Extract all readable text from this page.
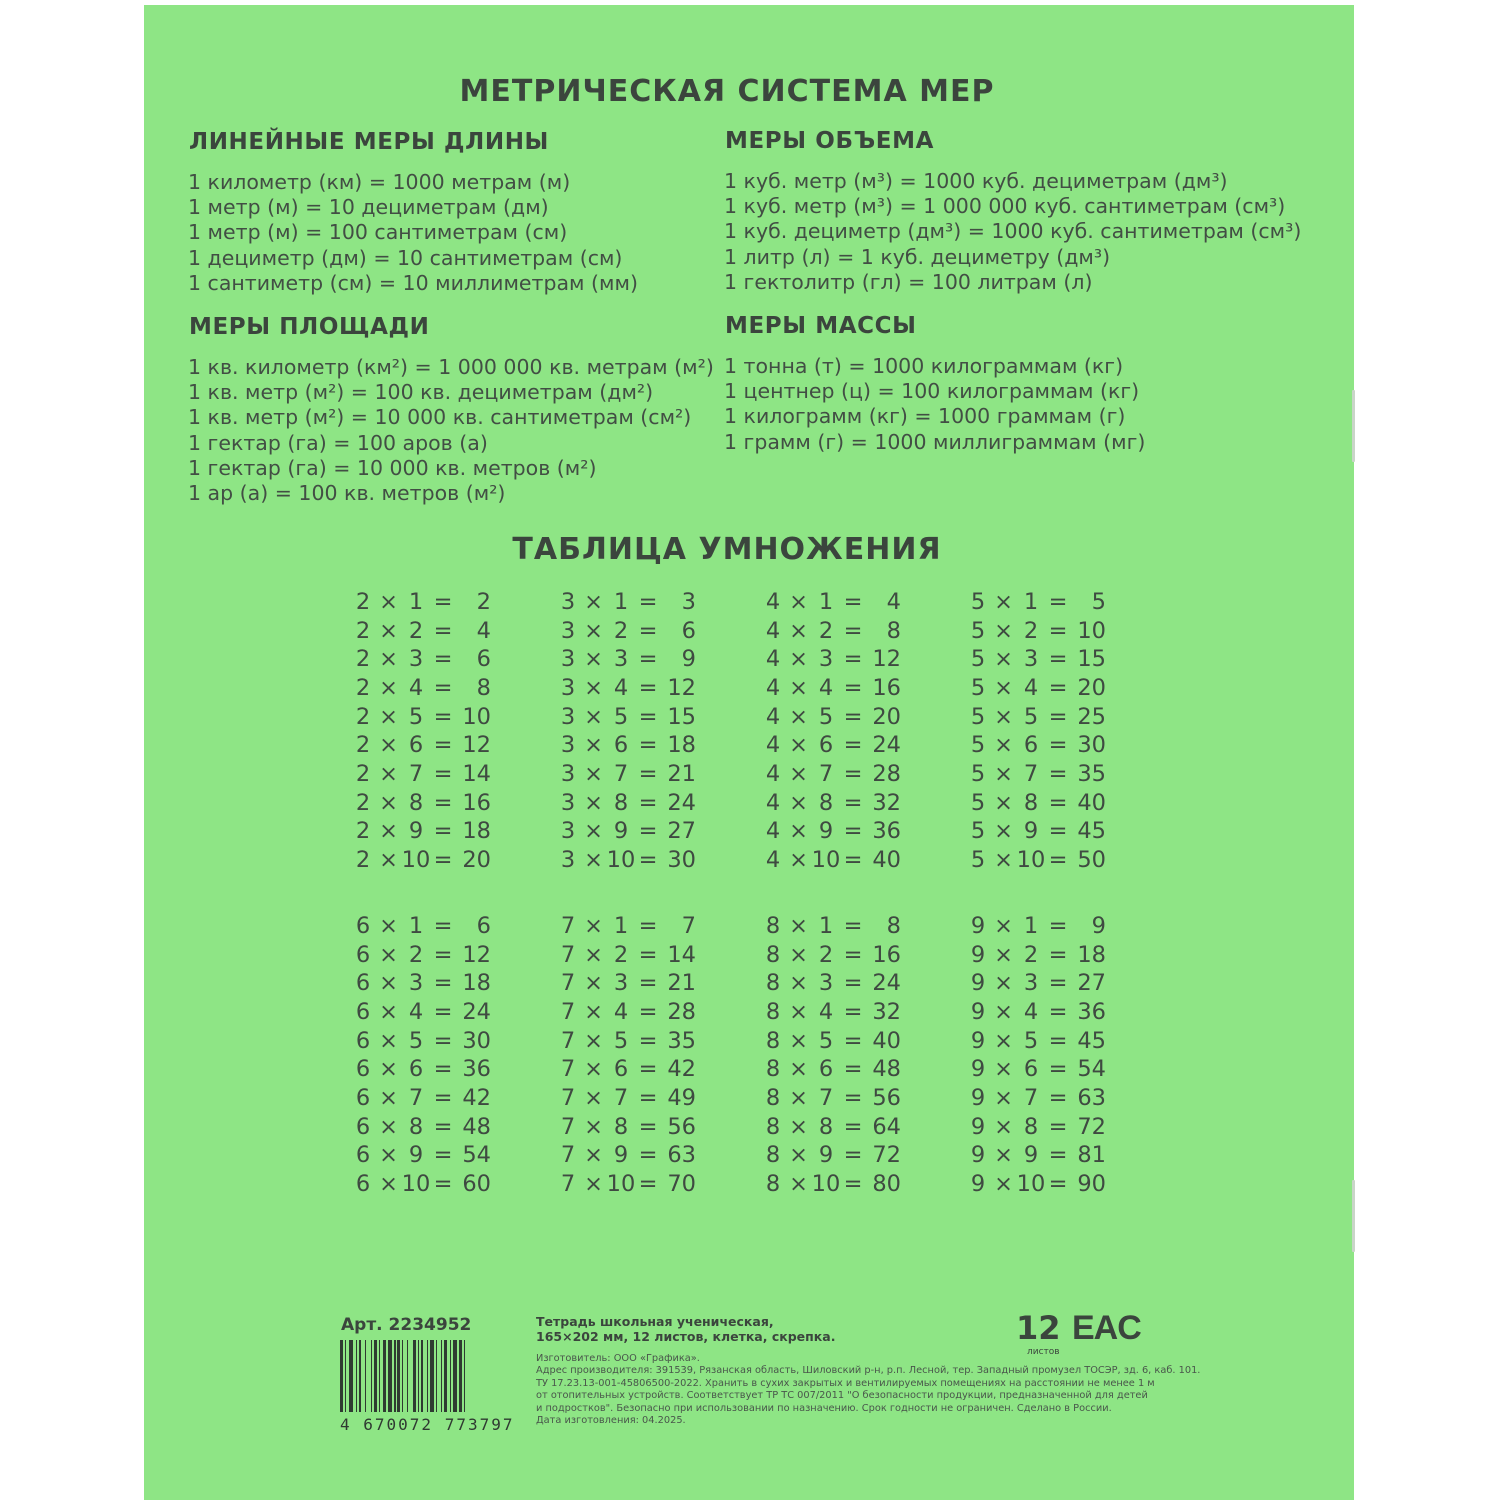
МЕТРИЧЕСКАЯ СИСТЕМА МЕР
ЛИНЕЙНЫЕ МЕРЫ ДЛИНЫ
1 километр (км) = 1000 метрам (м)
1 метр (м) = 10 дециметрам (дм)
1 метр (м) = 100 сантиметрам (см)
1 дециметр (дм) = 10 сантиметрам (см)
1 сантиметр (см) = 10 миллиметрам (мм)
МЕРЫ ОБЪЕМА
1 куб. метр (м³) = 1000 куб. дециметрам (дм³)
1 куб. метр (м³) = 1 000 000 куб. сантиметрам (см³)
1 куб. дециметр (дм³) = 1000 куб. сантиметрам (см³)
1 литр (л) = 1 куб. дециметру (дм³)
1 гектолитр (гл) = 100 литрам (л)
МЕРЫ ПЛОЩАДИ
1 кв. километр (км²) = 1 000 000 кв. метрам (м²)
1 кв. метр (м²) = 100 кв. дециметрам (дм²)
1 кв. метр (м²) = 10 000 кв. сантиметрам (см²)
1 гектар (га) = 100 аров (а)
1 гектар (га) = 10 000 кв. метров (м²)
1 ар (а) = 100 кв. метров (м²)
МЕРЫ МАССЫ
1 тонна (т) = 1000 килограммам (кг)
1 центнер (ц) = 100 килограммам (кг)
1 килограмм (кг) = 1000 граммам (г)
1 грамм (г) = 1000 миллиграммам (мг)
ТАБЛИЦА УМНОЖЕНИЯ
2 × 1 =	2
2 × 2 =	4
2 × 3 =	6
2 × 4 =	8
2 × 5 = 10
2 × 6 = 12
2 × 7 = 14
2 × 8 = 16
2 × 9 = 18
2 × 10 = 20
3 × 1 =	3
3 × 2 =	6
3 × 3 =	9
3 × 4 = 12
3 × 5 = 15
3 × 6 = 18
3 × 7 = 21
3 × 8 = 24
3 × 9 = 27
3 × 10 = 30
4 × 1 =	4
4 × 2 =	8
4 × 3 = 12
4 × 4 = 16
4 × 5 = 20
4 × 6 = 24
4 × 7 = 28
4 × 8 = 32
4 × 9 = 36
4 × 10 = 40
5 × 1 =	5
5 × 2 = 10
5 × 3 = 15
5 × 4 = 20
5 × 5 = 25
5 × 6 = 30
5 × 7 = 35
5 × 8 = 40
5 × 9 = 45
5 × 10 = 50
6 × 1 =	6
6 × 2 = 12
6 × 3 = 18
6 × 4 = 24
6 × 5 = 30
6 × 6 = 36
6 × 7 = 42
6 × 8 = 48
6 × 9 = 54
6 × 10 = 60
7 × 1 =	7
7 × 2 = 14
7 × 3 = 21
7 × 4 = 28
7 × 5 = 35
7 × 6 = 42
7 × 7 = 49
7 × 8 = 56
7 × 9 = 63
7 × 10 = 70
8 × 1 =	8
8 × 2 = 16
8 × 3 = 24
8 × 4 = 32
8 × 5 = 40
8 × 6 = 48
8 × 7 = 56
8 × 8 = 64
8 × 9 = 72
8 × 10 = 80
9 × 1 =	9
9 × 2 = 18
9 × 3 = 27
9 × 4 = 36
9 × 5 = 45
9 × 6 = 54
9 × 7 = 63
9 × 8 = 72
9 × 9 = 81
9 × 10 = 90
Арт. 2234952
4 670072 773797
Тетрадь школьная ученическая,
165×202 мм, 12 листов, клетка, скрепка.	12
листов
EAC
Изготовитель: ООО «Графика».
Адрес производителя: 391539, Рязанская область, Шиловский р-н, р.п. Лесной, тер. Западный промузел ТОСЭР, зд. 6, каб. 101.
ТУ 17.23.13-001-45806500-2022. Хранить в сухих закрытых и вентилируемых помещениях на расстоянии не менее 1 м
от отопительных устройств. Соответствует ТР ТС 007/2011 "О безопасности продукции, предназначенной для детей
и подростков". Безопасно при использовании по назначению. Срок годности не ограничен. Сделано в России.
Дата изготовления: 04.2025.
